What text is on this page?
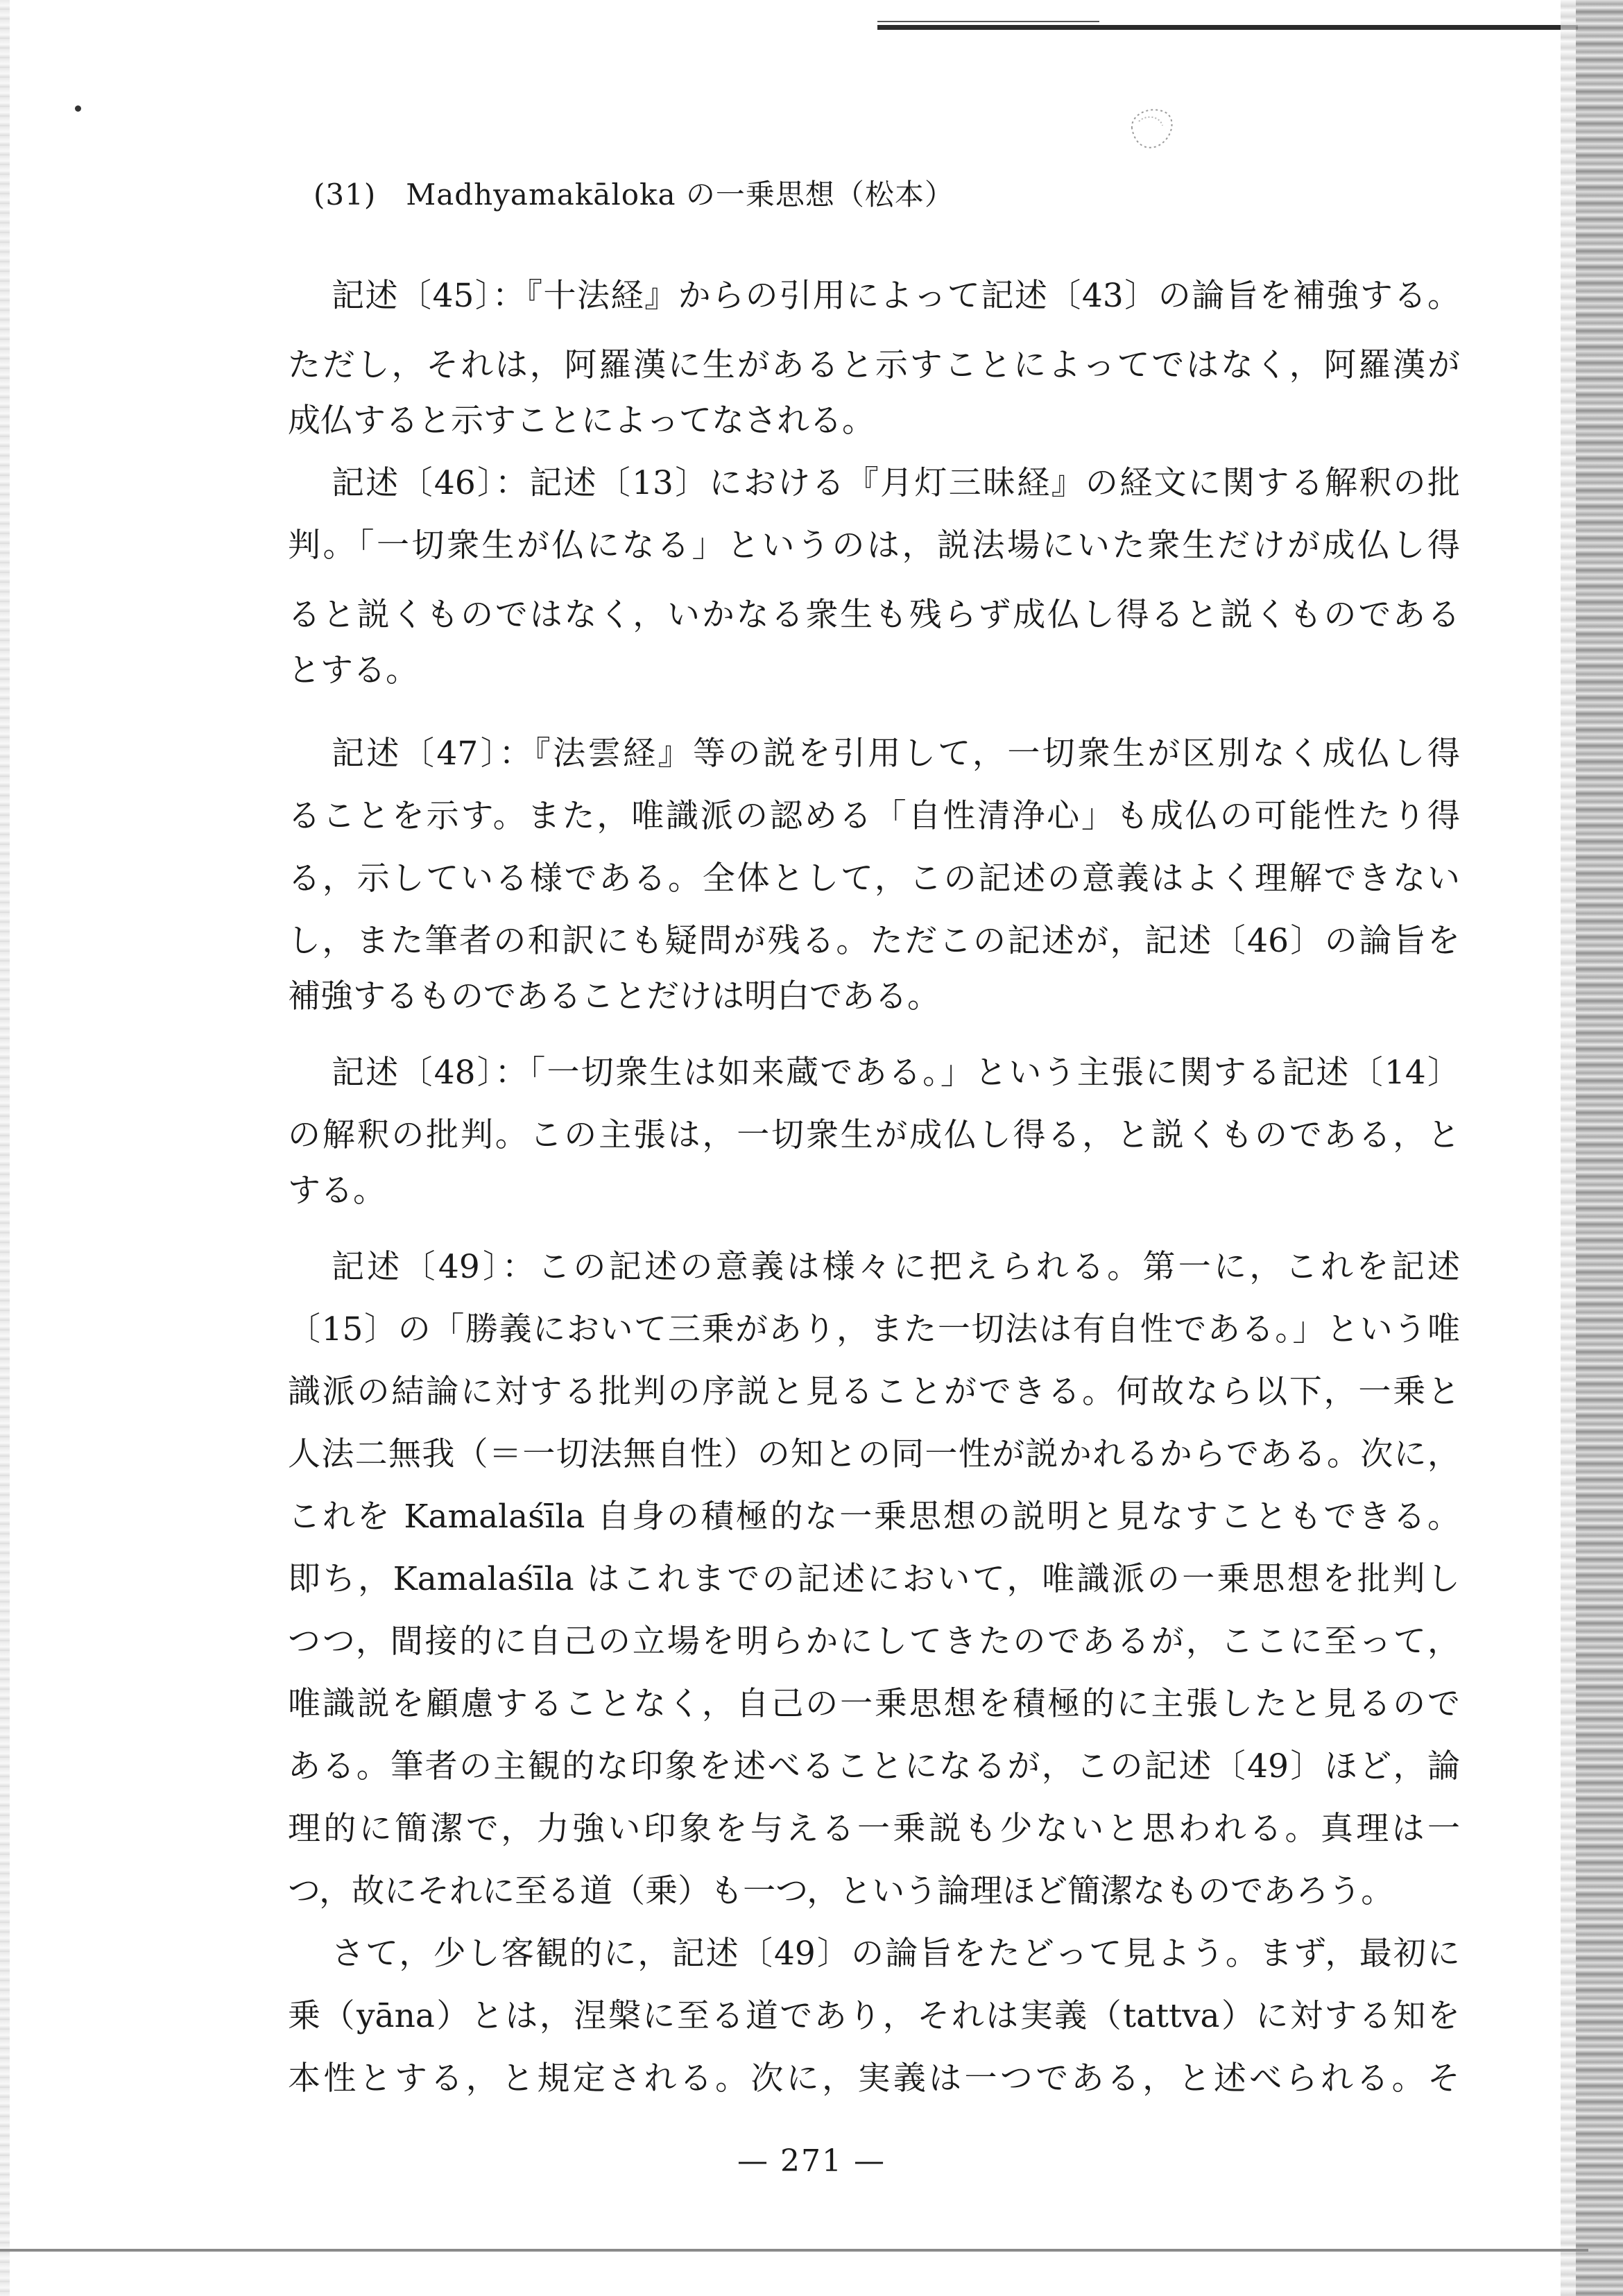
(31)　Madhyamakāloka の一乗思想（松本）
記述〔45〕：『十法経』からの引用によって記述〔43〕の論旨を補強する。
ただし，それは，阿羅漢に生があると示すことによってではなく，阿羅漢が
成仏すると示すことによってなされる。
記述〔46〕：記述〔13〕における『月灯三昧経』の経文に関する解釈の批
判。「一切衆生が仏になる」というのは，説法場にいた衆生だけが成仏し得
ると説くものではなく，いかなる衆生も残らず成仏し得ると説くものである
とする。
記述〔47〕：『法雲経』等の説を引用して，一切衆生が区別なく成仏し得
ることを示す。また，唯識派の認める「自性清浄心」も成仏の可能性たり得
る，示している様である。全体として，この記述の意義はよく理解できない
し，また筆者の和訳にも疑問が残る。ただこの記述が，記述〔46〕の論旨を
補強するものであることだけは明白である。
記述〔48〕：「一切衆生は如来蔵である。」という主張に関する記述〔14〕
の解釈の批判。この主張は，一切衆生が成仏し得る，と説くものである，と
する。
記述〔49〕：この記述の意義は様々に把えられる。第一に，これを記述
〔15〕の「勝義において三乗があり，また一切法は有自性である。」という唯
識派の結論に対する批判の序説と見ることができる。何故なら以下，一乗と
人法二無我（＝一切法無自性）の知との同一性が説かれるからである。次に，
これを Kamalaśīla 自身の積極的な一乗思想の説明と見なすこともできる。
即ち，Kamalaśīla はこれまでの記述において，唯識派の一乗思想を批判し
つつ，間接的に自己の立場を明らかにしてきたのであるが，ここに至って，
唯識説を顧慮することなく，自己の一乗思想を積極的に主張したと見るので
ある。筆者の主観的な印象を述べることになるが，この記述〔49〕ほど，論
理的に簡潔で，力強い印象を与える一乗説も少ないと思われる。真理は一
つ，故にそれに至る道（乗）も一つ，という論理ほど簡潔なものであろう。
さて，少し客観的に，記述〔49〕の論旨をたどって見よう。まず，最初に
乗（yāna）とは，涅槃に至る道であり，それは実義（tattva）に対する知を
本性とする，と規定される。次に，実義は一つである，と述べられる。そ
— 271 —
